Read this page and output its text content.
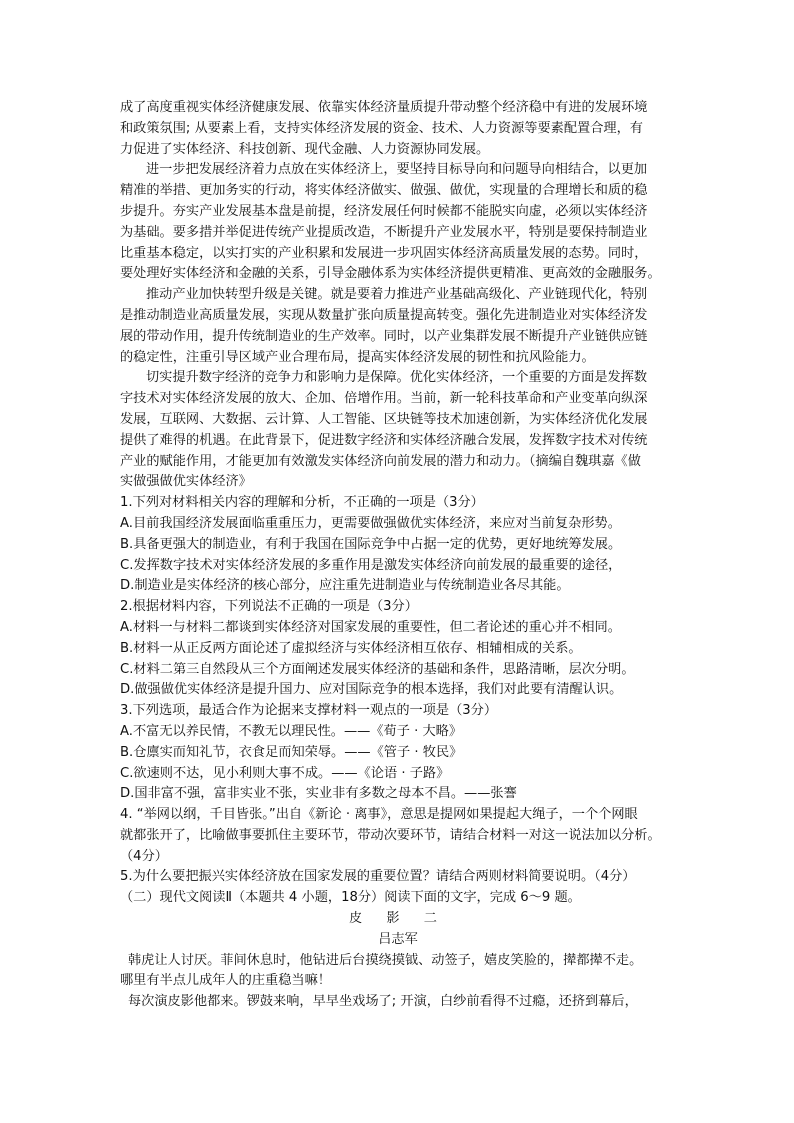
成了高度重视实体经济健康发展、依靠实体经济量质提升带动整个经济稳中有进的发展环境
和政策氛围; 从要素上看，支持实体经济发展的资金、技术、人力资源等要素配置合理，有
力促进了实体经济、科技创新、现代金融、人力资源协同发展。
进一步把发展经济着力点放在实体经济上，要坚持目标导向和问题导向相结合，以更加
精准的举措、更加务实的行动，将实体经济做实、做强、做优，实现量的合理增长和质的稳
步提升。夯实产业发展基本盘是前提，经济发展任何时候都不能脱实向虚，必须以实体经济
为基础。要多措并举促进传统产业提质改造，不断提升产业发展水平，特别是要保持制造业
比重基本稳定，以实打实的产业积累和发展进一步巩固实体经济高质量发展的态势。同时，
要处理好实体经济和金融的关系，引导金融体系为实体经济提供更精准、更高效的金融服务。
推动产业加快转型升级是关键。就是要着力推进产业基础高级化、产业链现代化，特别
是推动制造业高质量发展，实现从数量扩张向质量提高转变。强化先进制造业对实体经济发
展的带动作用，提升传统制造业的生产效率。同时，以产业集群发展不断提升产业链供应链
的稳定性，注重引导区域产业合理布局，提高实体经济发展的韧性和抗风险能力。
切实提升数字经济的竞争力和影响力是保障。优化实体经济，一个重要的方面是发挥数
字技术对实体经济发展的放大、企加、倍增作用。当前，新一轮科技革命和产业变革向纵深
发展，互联网、大数据、云计算、人工智能、区块链等技术加速创新，为实体经济优化发展
提供了难得的机遇。在此背景下，促进数字经济和实体经济融合发展，发挥数字技术对传统
产业的赋能作用，才能更加有效激发实体经济向前发展的潜力和动力。（摘编自魏琪嘉《做
实做强做优实体经济》
1.下列对材料相关内容的理解和分析，不正确的一项是（3分）
A.目前我国经济发展面临重重压力，更需要做强做优实体经济，来应对当前复杂形势。
B.具备更强大的制造业，有利于我国在国际竞争中占据一定的优势，更好地统筹发展。
C.发挥数字技术对实体经济发展的多重作用是激发实体经济向前发展的最重要的途径，
D.制造业是实体经济的核心部分，应注重先进制造业与传统制造业各尽其能。
2.根据材料内容，下列说法不正确的一项是（3分）
A.材料一与材料二都谈到实体经济对国家发展的重要性，但二者论述的重心并不相同。
B.材料一从正反两方面论述了虚拟经济与实体经济相互依存、相辅相成的关系。
C.材料二第三自然段从三个方面阐述发展实体经济的基础和条件，思路清晰，层次分明。
D.做强做优实体经济是提升国力、应对国际竞争的根本选择，我们对此要有清醒认识。
3.下列选项，最适合作为论据来支撑材料一观点的一项是（3分）
A.不富无以养民情，不教无以理民性。——《荀子 · 大略》
B.仓廪实而知礼节，衣食足而知荣辱。——《管子 · 牧民》
C.欲速则不达，见小利则大事不成。——《论语 · 子路》
D.国非富不强，富非实业不张，实业非有多数之母本不昌。——张謇
4. “举网以纲，千目皆张。”出自《新论 · 离事》，意思是提网如果提起大绳子，一个个网眼
就都张开了，比喻做事要抓住主要环节，带动次要环节，请结合材料一对这一说法加以分析。
（4分）
5.为什么要把振兴实体经济放在国家发展的重要位置？请结合两则材料简要说明。（4分）
（二）现代文阅读Ⅱ（本题共 4 小题，18分）阅读下面的文字，完成 6～9 题。
皮 影 二
吕志军
韩虎让人讨厌。菲间休息时，他钻进后台摸绕摸钺、动签子，嬉皮笑脸的，撵都撵不走。
哪里有半点儿成年人的庄重稳当嘛！
每次演皮影他都来。锣鼓来响，早早坐戏场了; 开演，白纱前看得不过瘾，还挤到幕后，
